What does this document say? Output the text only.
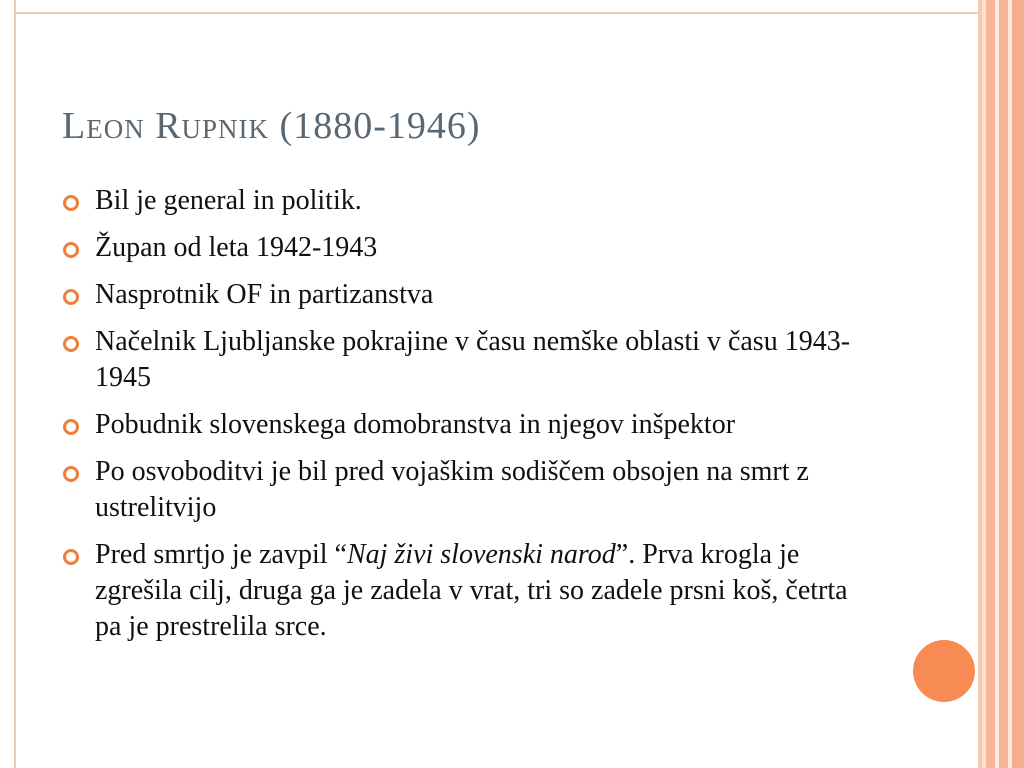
Leon Rupnik (1880-1946)
Bil je general in politik.
Župan od leta 1942-1943
Nasprotnik OF in partizanstva
Načelnik Ljubljanske pokrajine v času nemške oblasti v času 1943-1945
Pobudnik slovenskega domobranstva in njegov inšpektor
Po osvoboditvi je bil pred vojaškim sodiščem obsojen na smrt z ustrelitvijo
Pred smrtjo je zavpil “Naj živi slovenski narod”. Prva krogla je zgrešila cilj, druga ga je zadela v vrat, tri so zadele prsni koš, četrta pa je prestrelila srce.
